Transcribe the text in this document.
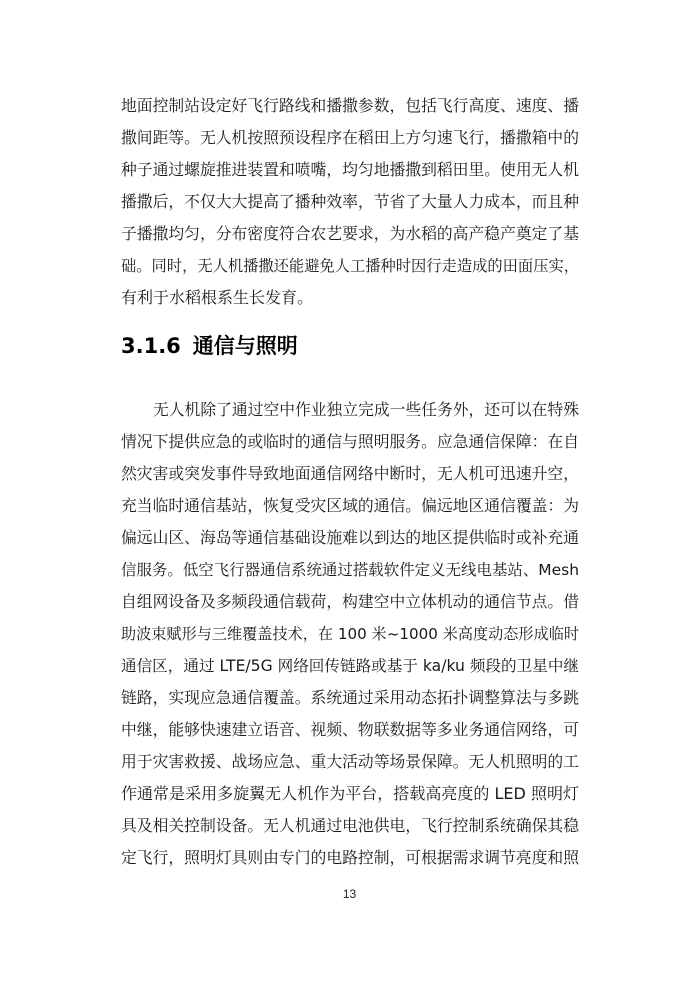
地面控制站设定好飞行路线和播撒参数，包括飞行高度、速度、播
撒间距等。无人机按照预设程序在稻田上方匀速飞行，播撒箱中的
种子通过螺旋推进装置和喷嘴，均匀地播撒到稻田里。使用无人机
播撒后，不仅大大提高了播种效率，节省了大量人力成本，而且种
子播撒均匀，分布密度符合农艺要求，为水稻的高产稳产奠定了基
础。同时，无人机播撒还能避免人工播种时因行走造成的田面压实，
有利于水稻根系生长发育。
3.1.6 通信与照明
无人机除了通过空中作业独立完成一些任务外，还可以在特殊
情况下提供应急的或临时的通信与照明服务。应急通信保障：在自
然灾害或突发事件导致地面通信网络中断时，无人机可迅速升空，
充当临时通信基站，恢复受灾区域的通信。偏远地区通信覆盖：为
偏远山区、海岛等通信基础设施难以到达的地区提供临时或补充通
信服务。低空飞行器通信系统通过搭载软件定义无线电基站、Mesh
自组网设备及多频段通信载荷，构建空中立体机动的通信节点。借
助波束赋形与三维覆盖技术，在 100 米~1000 米高度动态形成临时
通信区，通过 LTE/5G 网络回传链路或基于 ka/ku 频段的卫星中继
链路，实现应急通信覆盖。系统通过采用动态拓扑调整算法与多跳
中继，能够快速建立语音、视频、物联数据等多业务通信网络，可
用于灾害救援、战场应急、重大活动等场景保障。无人机照明的工
作通常是采用多旋翼无人机作为平台，搭载高亮度的 LED 照明灯
具及相关控制设备。无人机通过电池供电，飞行控制系统确保其稳
定飞行，照明灯具则由专门的电路控制，可根据需求调节亮度和照
13
